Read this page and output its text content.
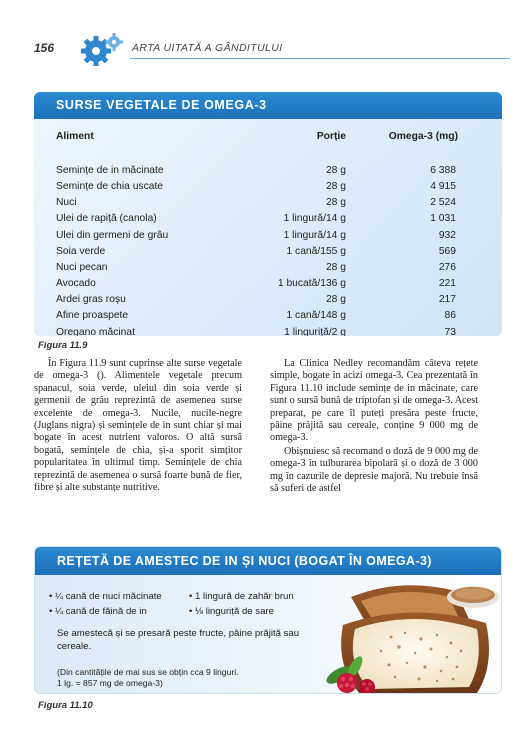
156	ARTA UITATĂ A GÂNDITULUI
SURSE VEGETALE DE OMEGA-3
Aliment	Porție	Omega-3 (mg)

Semințe de in măcinate	28 g	6 388
Semințe de chia uscate	28 g	4 915
Nuci	28 g	2 524
Ulei de rapiță (canola)	1 lingură/14 g	1 031
Ulei din germeni de grâu	1 lingură/14 g	932
Soia verde	1 cană/155 g	569
Nuci pecan	28 g	276
Avocado	1 bucată/136 g	221
Ardei gras roșu	28 g	217
Afine proaspete	1 cană/148 g	86
Oregano măcinat	1 linguriță/2 g	73
Figura 11.9

În Figura 11.9 sunt cuprinse alte surse vegetale de omega-3 (). Alimentele vegetale precum spanacul, soia verde, uleiul din soia verde și germenii de grâu reprezintă de asemenea surse excelente de omega-3. Nucile, nucile-negre (Juglans nigra) și semințele de in sunt chiar și mai bogate în acest nutrient valoros. O altă sursă bogată, semințele de chia, și-a sporit simțitor popularitatea în ultimul timp. Semințele de chia reprezintă de asemenea o sursă foarte bună de fier, fibre și alte substanțe nutritive.

La Clinica Nedley recomandăm câteva rețete simple, bogate în acizi omega-3. Cea prezentată în Figura 11.10 include semințe de in măcinate, care sunt o sursă bună de triptofan și de omega-3. Acest preparat, pe care îl puteți presăra peste fructe, pâine prăjită sau cereale, conține 9 000 mg de omega-3.

Obișnuiesc să recomand o doză de 9 000 mg de omega-3 în tulburarea bipolară și o doză de 3 000 mg în cazurile de depresie majoră. Nu trebuie însă să suferi de astfel

REȚETĂ DE AMESTEC DE IN ȘI NUCI (BOGAT ÎN OMEGA-3)
• ¼ cană de nuci măcinate	• 1 lingură de zahăr brun
• ¼ cană de făină de in	• ⅛ linguriță de sare
Se amestecă și se presară peste fructe, pâine prăjită sau cereale.
(Din cantitățile de mai sus se obțin cca 9 linguri.
1 lg. = 857 mg de omega-3)
Figura 11.10
